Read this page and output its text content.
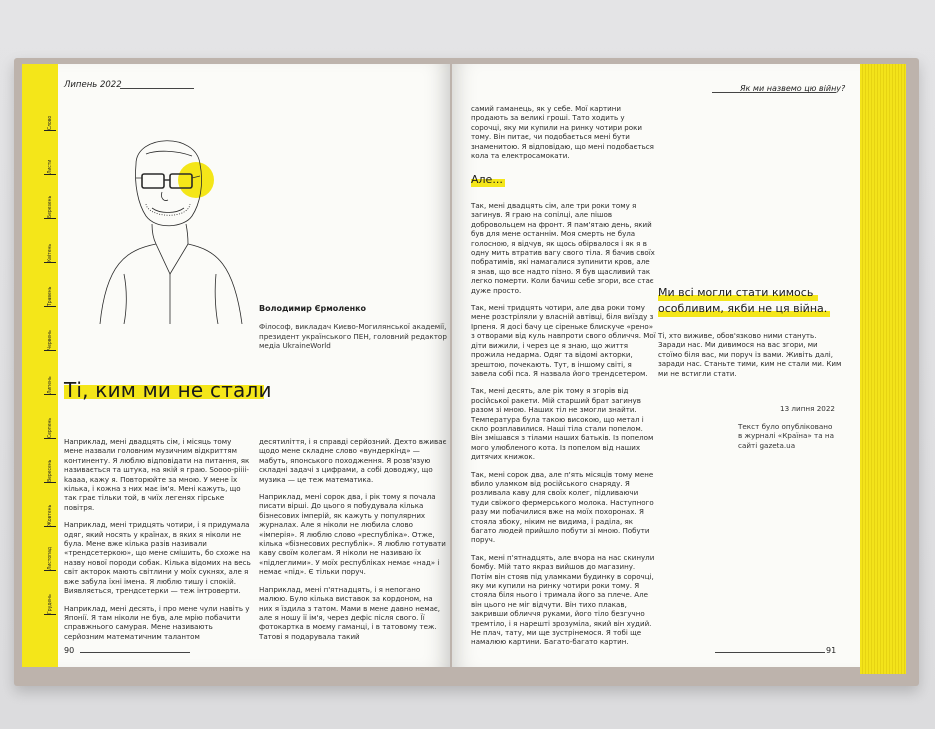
Слово
Листи
Березень
Квітень
Травень
Червень
Липень
Серпень
Вересень
Жовтень
Листопад
Грудень
Липень 2022	Як ми назвемо цю війну?
Володимир Єрмоленко
Філософ, викладач Києво-Могилянської академії, президент українського ПЕН, головний редактор медіа UkraineWorld
Ті, ким ми не стали

Наприклад, мені двадцять сім, і місяць тому мене назвали головним музичним відкриттям континенту. Я люблю відповідати на питання, як називається та штука, на якій я граю. Soooo-piiii-kaaaa, кажу я. Повторюйте за мною. У мене їх кілька, і кожна з них має ім'я. Мені кажуть, що так грає тільки той, в чиїх легенях гірське повітря.

Наприклад, мені тридцять чотири, і я придумала одяг, який носять у країнах, в яких я ніколи не була. Мене вже кілька разів називали «трендсетеркою», що мене смішить, бо схоже на назву нової породи собак. Кілька відомих на весь світ акторок мають світлини у моїх сукнях, але я вже забула їхні імена. Я люблю тишу і спокій. Виявляється, трендсетерки — теж інтроверти.

Наприклад, мені десять, і про мене чули навіть у Японії. Я там ніколи не був, але мрію побачити справжнього самурая. Мене називають серйозним математичним талантом

десятиліття, і я справді серйозний. Дехто вживає щодо мене складне слово «вундеркінд» — мабуть, японського походження. Я розв'язую складні задачі з цифрами, а собі доводжу, що музика — це теж математика.

Наприклад, мені сорок два, і рік тому я почала писати вірші. До цього я побудувала кілька бізнесових імперій, як кажуть у популярних журналах. Але я ніколи не любила слово «імперія». Я люблю слово «республіка». Отже, кілька «бізнесових республік». Я люблю готувати каву своїм колегам. Я ніколи не називаю їх «підлеглими». У моїх республіках немає «над» і немає «під». Є тільки поруч.

Наприклад, мені п'ятнадцять, і я непогано малюю. Було кілька виставок за кордоном, на них я їздила з татом. Мами в мене давно немає, але я ношу її ім'я, через дефіс після свого. Її фотокартка в моєму гаманці, і в татовому теж. Татові я подарувала такий

самий гаманець, як у себе. Мої картини продають за великі гроші. Тато ходить у сорочці, яку ми купили на ринку чотири роки тому. Він питає, чи подобається мені бути знаменитою. Я відповідаю, що мені подобається кола та електросамокати.

Але...

Так, мені двадцять сім, але три роки тому я загинув. Я граю на сопілці, але пішов добровольцем на фронт. Я пам'ятаю день, який був для мене останнім. Моя смерть не була голосною, я відчув, як щось обірвалося і як я в одну мить втратив вагу свого тіла. Я бачив своїх побратимів, які намагалися зупинити кров, але я знав, що все надто пізно. Я був щасливий так легко померти. Коли бачиш себе згори, все стає дуже просто.

Так, мені тридцять чотири, але два роки тому мене розстріляли у власній автівці, біля виїзду з Ірпеня. Я досі бачу це сіреньке блискуче «рено» з отворами від куль навпроти свого обличчя. Мої діти вижили, і через це я знаю, що життя прожила недарма. Одяг та відомі акторки, зрештою, почекають. Тут, в іншому світі, я завела собі пса. Я назвала його трендсетером.

Так, мені десять, але рік тому я згорів від російської ракети. Мій старший брат загинув разом зі мною. Наших тіл не змогли знайти. Температура була такою високою, що метал і скло розплавилися. Наші тіла стали попелом. Він змішався з тілами наших батьків. Із попелом мого улюбленого кота. Із попелом від наших дитячих книжок.

Так, мені сорок два, але п'ять місяців тому мене вбило уламком від російського снаряду. Я розливала каву для своїх колег, підливаючи туди свіжого фермерського молока. Наступного разу ми побачилися вже на моїх похоронах. Я стояла збоку, ніким не видима, і раділа, як багато людей прийшло побути зі мною. Побути поруч.

Так, мені п'ятнадцять, але вчора на нас скинули бомбу. Мій тато якраз вийшов до магазину. Потім він стояв під уламками будинку в сорочці, яку ми купили на ринку чотири роки тому. Я стояла біля нього і тримала його за плече. Але він цього не міг відчути. Він тихо плакав, закривши обличчя руками, його тіло безгучно тремтіло, і я нарешті зрозуміла, який він худий. Не плач, тату, ми ще зустрінемося. Я тобі ще намалюю картини. Багато-багато картин.

Ми всі могли стати кимось особливим, якби не ця війна.
Ті, хто виживе, обов'язково ними стануть. Заради нас. Ми дивимося на вас згори, ми стоїмо біля вас, ми поруч із вами. Живіть далі, заради нас. Станьте тими, ким не стали ми. Ким ми не встигли стати.
13 липня 2022
Текст було опубліковано в журналі «Країна» та на сайті gazeta.ua
90	91
